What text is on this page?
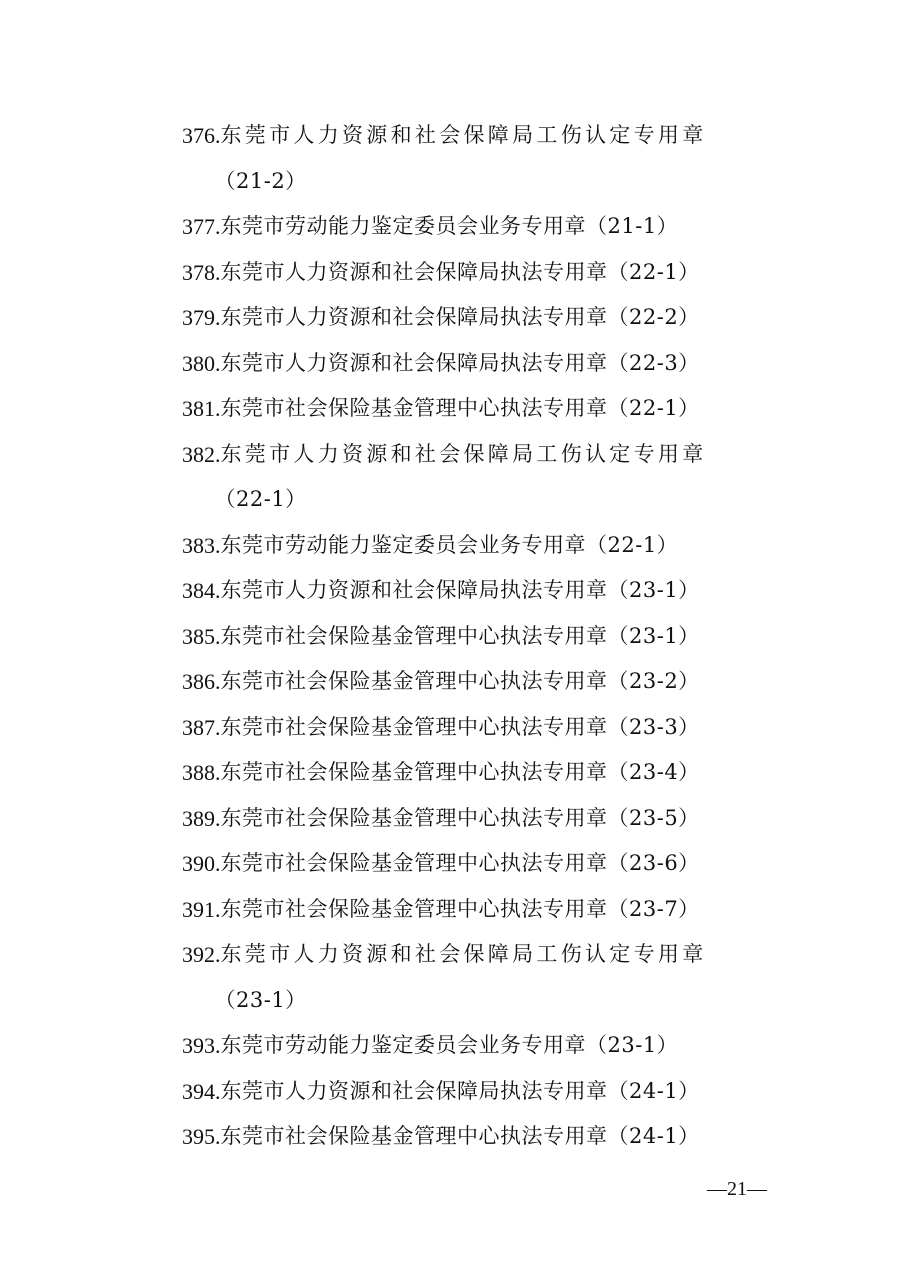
376. 东莞市人力资源和社会保障局工伤认定专用章
（21-2）
377. 东莞市劳动能力鉴定委员会业务专用章（21-1）
378. 东莞市人力资源和社会保障局执法专用章（22-1）
379. 东莞市人力资源和社会保障局执法专用章（22-2）
380. 东莞市人力资源和社会保障局执法专用章（22-3）
381. 东莞市社会保险基金管理中心执法专用章（22-1）
382. 东莞市人力资源和社会保障局工伤认定专用章
（22-1）
383. 东莞市劳动能力鉴定委员会业务专用章（22-1）
384. 东莞市人力资源和社会保障局执法专用章（23-1）
385. 东莞市社会保险基金管理中心执法专用章（23-1）
386. 东莞市社会保险基金管理中心执法专用章（23-2）
387. 东莞市社会保险基金管理中心执法专用章（23-3）
388. 东莞市社会保险基金管理中心执法专用章（23-4）
389. 东莞市社会保险基金管理中心执法专用章（23-5）
390. 东莞市社会保险基金管理中心执法专用章（23-6）
391. 东莞市社会保险基金管理中心执法专用章（23-7）
392. 东莞市人力资源和社会保障局工伤认定专用章
（23-1）
393. 东莞市劳动能力鉴定委员会业务专用章（23-1）
394. 东莞市人力资源和社会保障局执法专用章（24-1）
395. 东莞市社会保险基金管理中心执法专用章（24-1）
—21—
